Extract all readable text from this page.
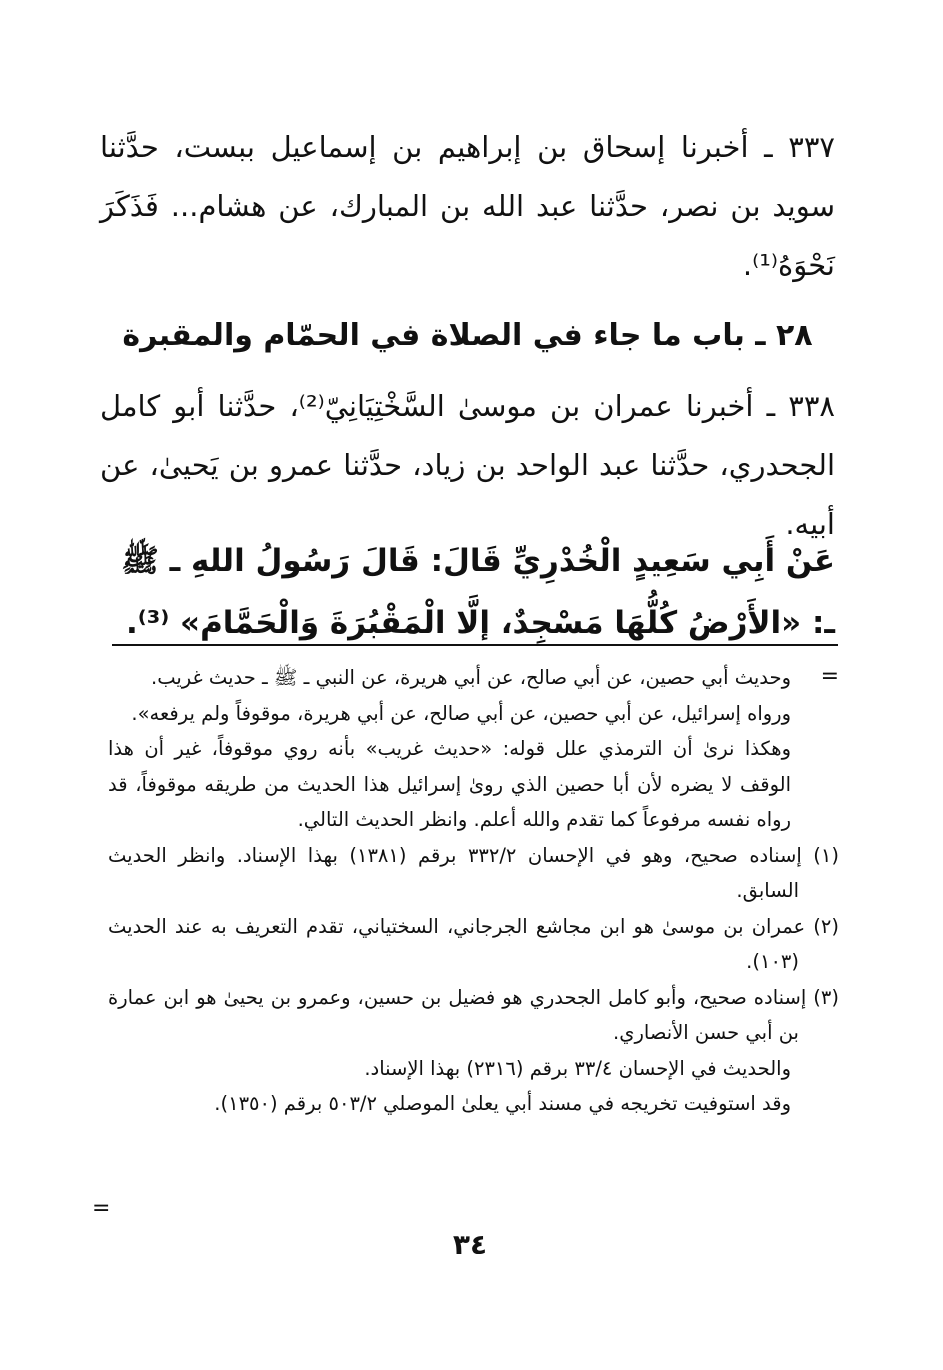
٣٣٧ ـ أخبرنا إسحاق بن إبراهيم بن إسماعيل ببست، حدَّثنا سويد بن نصر، حدَّثنا عبد الله بن المبارك، عن هشام... فَذَكَرَ نَحْوَهُ⁽¹⁾.

٢٨ ـ باب ما جاء في الصلاة في الحمّام والمقبرة

٣٣٨ ـ أخبرنا عمران بن موسىٰ السَّخْتِيَانِيّ⁽²⁾، حدَّثنا أبو كامل الجحدري، حدَّثنا عبد الواحد بن زياد، حدَّثنا عمرو بن يَحيىٰ، عن أبيه.

عَنْ أَبِي سَعِيدٍ الْخُدْرِيِّ قَالَ: قَالَ رَسُولُ اللهِ ـ ﷺ ـ: «الأَرْضُ كُلُّهَا مَسْجِدٌ، إلَّا الْمَقْبُرَةَ وَالْحَمَّامَ» ⁽³⁾.
=

وحديث أبي حصين، عن أبي صالح، عن أبي هريرة، عن النبي ـ ﷺ ـ حديث غريب.

ورواه إسرائيل، عن أبي حصين، عن أبي صالح، عن أبي هريرة، موقوفاً ولم يرفعه».

وهكذا نرىٰ أن الترمذي علل قوله: «حديث غريب» بأنه روي موقوفاً، غير أن هذا الوقف لا يضره لأن أبا حصين الذي روىٰ إسرائيل هذا الحديث من طريقه موقوفاً، قد رواه نفسه مرفوعاً كما تقدم والله أعلم. وانظر الحديث التالي.

(١) إسناده صحيح، وهو في الإحسان ٣٣٢/٢ برقم (١٣٨١) بهذا الإسناد. وانظر الحديث السابق.

(٢) عمران بن موسىٰ هو ابن مجاشع الجرجاني، السختياني، تقدم التعريف به عند الحديث (١٠٣).

(٣) إسناده صحيح، وأبو كامل الجحدري هو فضيل بن حسين، وعمرو بن يحيىٰ هو ابن عمارة بن أبي حسن الأنصاري.

والحديث في الإحسان ٣٣/٤ برقم (٢٣١٦) بهذا الإسناد.

وقد استوفيت تخريجه في مسند أبي يعلىٰ الموصلي ٥٠٣/٢ برقم (١٣٥٠).

=
٣٤
